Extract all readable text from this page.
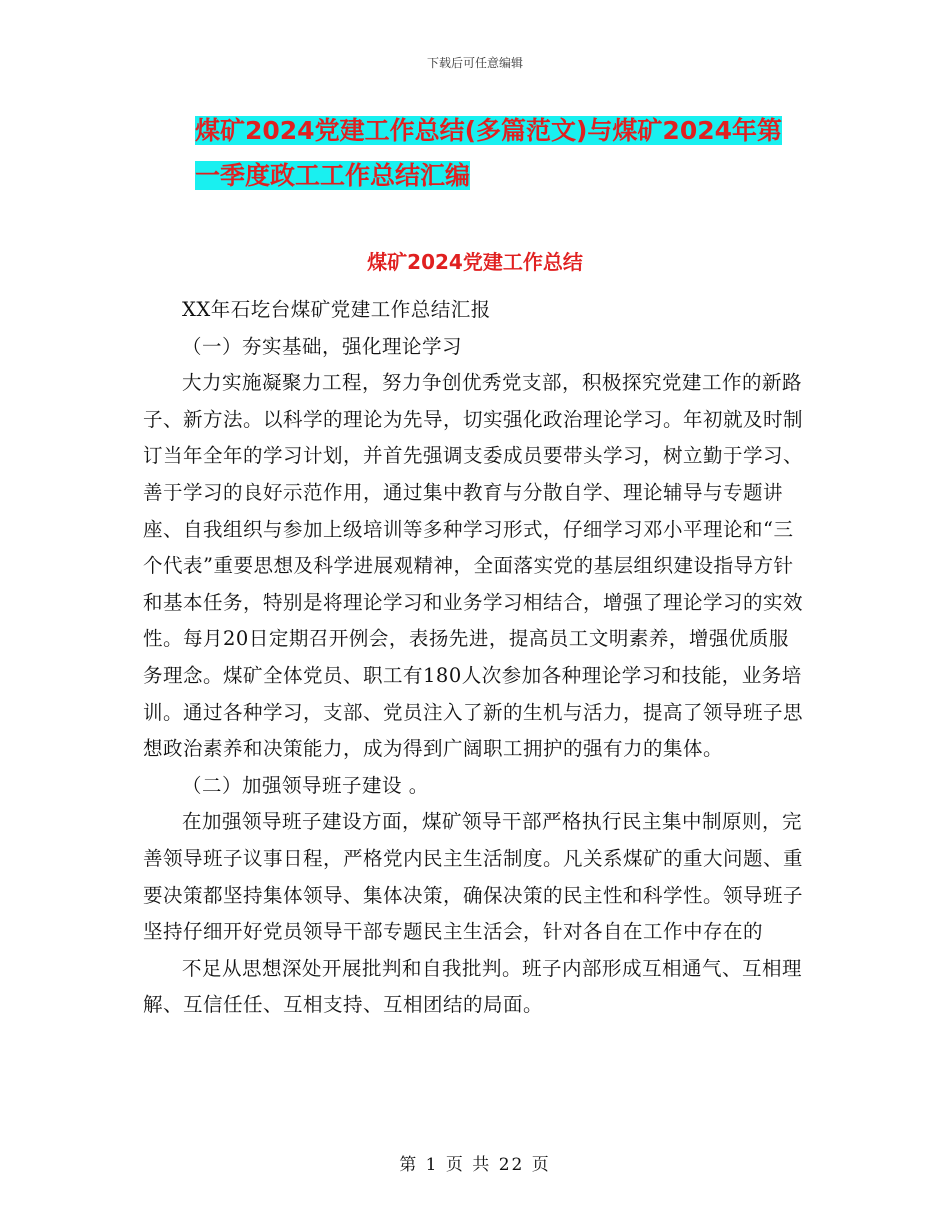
下载后可任意编辑
煤矿2024党建工作总结(多篇范文)与煤矿2024年第
一季度政工工作总结汇编
煤矿2024党建工作总结

XX年石圪台煤矿党建工作总结汇报

（一）夯实基础，强化理论学习

大力实施凝聚力工程，努力争创优秀党支部，积极探究党建工作的新路子、新方法。以科学的理论为先导，切实强化政治理论学习。年初就及时制订当年全年的学习计划，并首先强调支委成员要带头学习，树立勤于学习、善于学习的良好示范作用，通过集中教育与分散自学、理论辅导与专题讲座、自我组织与参加上级培训等多种学习形式，仔细学习邓小平理论和“三个代表”重要思想及科学进展观精神，全面落实党的基层组织建设指导方针和基本任务，特别是将理论学习和业务学习相结合，增强了理论学习的实效性。每月20日定期召开例会，表扬先进，提高员工文明素养，增强优质服务理念。煤矿全体党员、职工有180人次参加各种理论学习和技能，业务培训。通过各种学习，支部、党员注入了新的生机与活力，提高了领导班子思想政治素养和决策能力，成为得到广阔职工拥护的强有力的集体。

（二）加强领导班子建设 。

在加强领导班子建设方面，煤矿领导干部严格执行民主集中制原则，完善领导班子议事日程，严格党内民主生活制度。凡关系煤矿的重大问题、重要决策都坚持集体领导、集体决策，确保决策的民主性和科学性。领导班子坚持仔细开好党员领导干部专题民主生活会，针对各自在工作中存在的

不足从思想深处开展批判和自我批判。班子内部形成互相通气、互相理解、互信任任、互相支持、互相团结的局面。

第 1 页 共 22 页
